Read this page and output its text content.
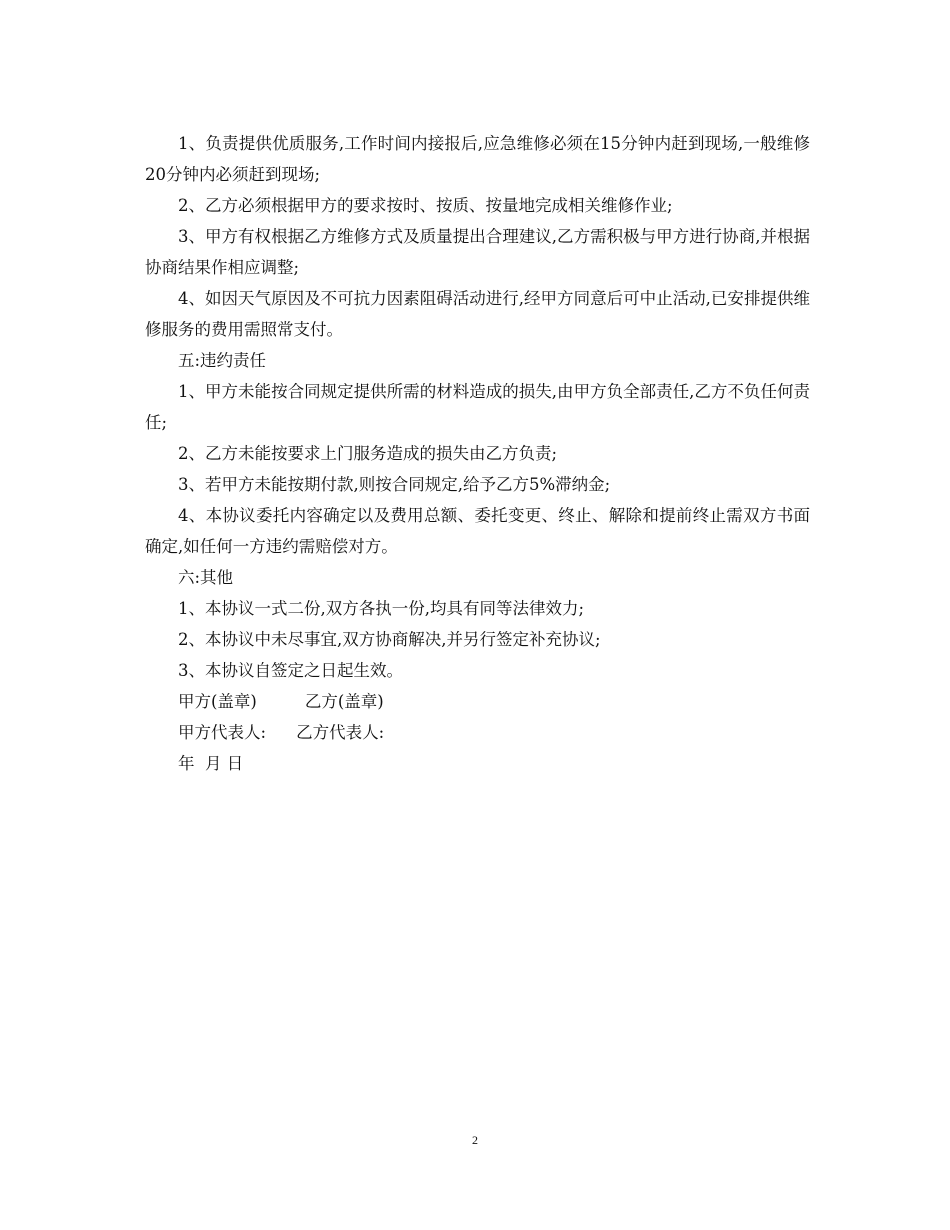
1、负责提供优质服务,工作时间内接报后,应急维修必须在15分钟内赶到现场,一般维修20分钟内必须赶到现场;

2、乙方必须根据甲方的要求按时、按质、按量地完成相关维修作业;

3、甲方有权根据乙方维修方式及质量提出合理建议,乙方需积极与甲方进行协商,并根据协商结果作相应调整;

4、如因天气原因及不可抗力因素阻碍活动进行,经甲方同意后可中止活动,已安排提供维修服务的费用需照常支付。

五:违约责任

1、甲方未能按合同规定提供所需的材料造成的损失,由甲方负全部责任,乙方不负任何责任;

2、乙方未能按要求上门服务造成的损失由乙方负责;

3、若甲方未能按期付款,则按合同规定,给予乙方5%滞纳金;

4、本协议委托内容确定以及费用总额、委托变更、终止、解除和提前终止需双方书面确定,如任何一方违约需赔偿对方。

六:其他

1、本协议一式二份,双方各执一份,均具有同等法律效力;

2、本协议中未尽事宜,双方协商解决,并另行签定补充协议;

3、本协议自签定之日起生效。

甲方(盖章)	乙方(盖章)

甲方代表人: 乙方代表人:

年  月 日

2
